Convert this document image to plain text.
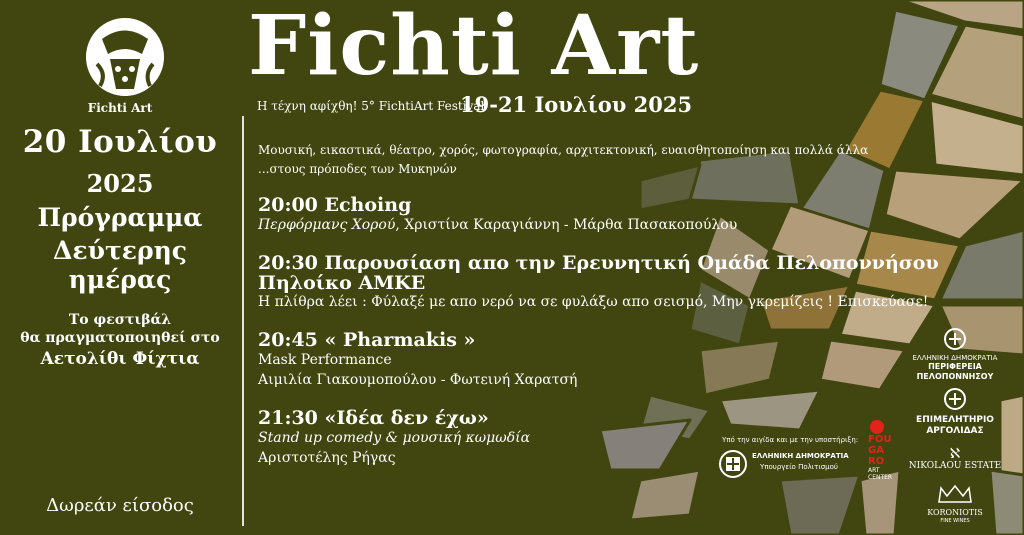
Fichti Art
20 Ιουλίου
2025
Πρόγραμμα
Δεύτερης ημέρας
Το φεστιβάλ
θα πραγματοποιηθεί στο
Αετολίθι Φίχτια
Δωρεάν είσοδος
Fichti Art
Η τέχνη αφίχθη! 5° FichtiArt Festival
19-21 Ιουλίου 2025
Μουσική, εικαστικά, θέατρο, χορός, φωτογραφία, αρχιτεκτονική, ευαισθητοποίηση και πολλά άλλα
...στους πρόποδες των Μυκηνών
20:00 Echoing
Περφόρμανς Χορού, Χριστίνα Καραγιάννη - Μάρθα Πασακοπούλου
20:30 Παρουσίαση απο την Ερευνητική Ομάδα Πελοποννήσου
Πηλοίκο ΑΜΚΕ
Η πλίθρα λέει : Φύλαξέ με απο νερό να σε φυλάξω απο σεισμό, Μην γκρεμίζεις ! Επισκεύασε!
20:45 « Pharmakis »
Mask Performance
Αιμιλία Γιακουμοπούλου - Φωτεινή Χαρατσή
21:30 «Ιδέα δεν έχω»
Stand up comedy & μουσική κωμωδία
Αριστοτέλης Ρήγας
Υπό την αιγίδα και με την υποστήριξη:
ΕΛΛΗΝΙΚΗ ΔΗΜΟΚΡΑΤΙΑ
Υπουργείο Πολιτισμού
FOU
GA
RO
ART
CENTER
ΕΛΛΗΝΙΚΗ ΔΗΜΟΚΡΑΤΙΑ
ΠΕΡΙΦΕΡΕΙΑ
ΠΕΛΟΠΟΝΝΗΣΟΥ
ΕΠΙΜΕΛΗΤΗΡΙΟ
ΑΡΓΟΛΙΔΑΣ
ℵ
NIKOLAOU ESTATE
KORONIOTIS
FINE WINES
